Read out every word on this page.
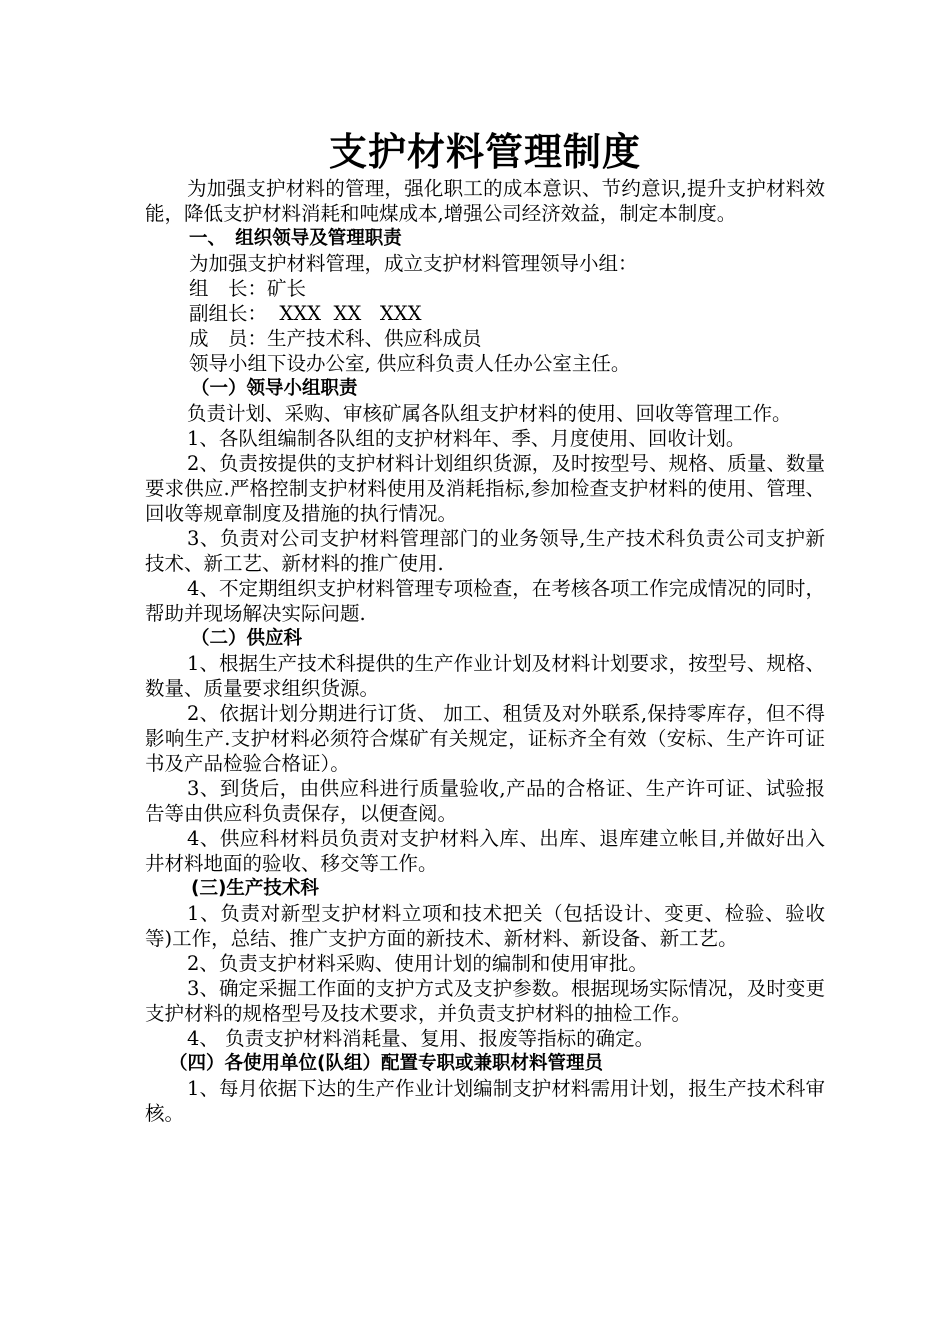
支护材料管理制度

为加强支护材料的管理，强化职工的成本意识、节约意识,提升支护材料效能，降低支护材料消耗和吨煤成本,增强公司经济效益，制定本制度。

一、　组织领导及管理职责

为加强支护材料管理，成立支护材料管理领导小组：

组　长：矿长

副组长：  XXX  XX   XXX

成　员：生产技术科、供应科成员

领导小组下设办公室, 供应科负责人任办公室主任。

（一）领导小组职责

负责计划、采购、审核矿属各队组支护材料的使用、回收等管理工作。

1、各队组编制各队组的支护材料年、季、月度使用、回收计划。

2、负责按提供的支护材料计划组织货源，及时按型号、规格、质量、数量要求供应.严格控制支护材料使用及消耗指标,参加检查支护材料的使用、管理、回收等规章制度及措施的执行情况。

3、负责对公司支护材料管理部门的业务领导,生产技术科负责公司支护新技术、新工艺、新材料的推广使用.

4、不定期组织支护材料管理专项检查，在考核各项工作完成情况的同时，帮助并现场解决实际问题.

（二）供应科

1、根据生产技术科提供的生产作业计划及材料计划要求，按型号、规格、数量、质量要求组织货源。

2、依据计划分期进行订货、 加工、租赁及对外联系,保持零库存，但不得影响生产.支护材料必须符合煤矿有关规定，证标齐全有效（安标、生产许可证书及产品检验合格证）。

3、到货后，由供应科进行质量验收,产品的合格证、生产许可证、试验报告等由供应科负责保存，以便查阅。

4、供应科材料员负责对支护材料入库、出库、退库建立帐目,并做好出入井材料地面的验收、移交等工作。

(三)生产技术科

1、负责对新型支护材料立项和技术把关（包括设计、变更、检验、验收等)工作，总结、推广支护方面的新技术、新材料、新设备、新工艺。

2、负责支护材料采购、使用计划的编制和使用审批。

3、确定采掘工作面的支护方式及支护参数。根据现场实际情况，及时变更支护材料的规格型号及技术要求，并负责支护材料的抽检工作。

4、 负责支护材料消耗量、复用、报废等指标的确定。

（四）各使用单位(队组）配置专职或兼职材料管理员

1、每月依据下达的生产作业计划编制支护材料需用计划，报生产技术科审核。
